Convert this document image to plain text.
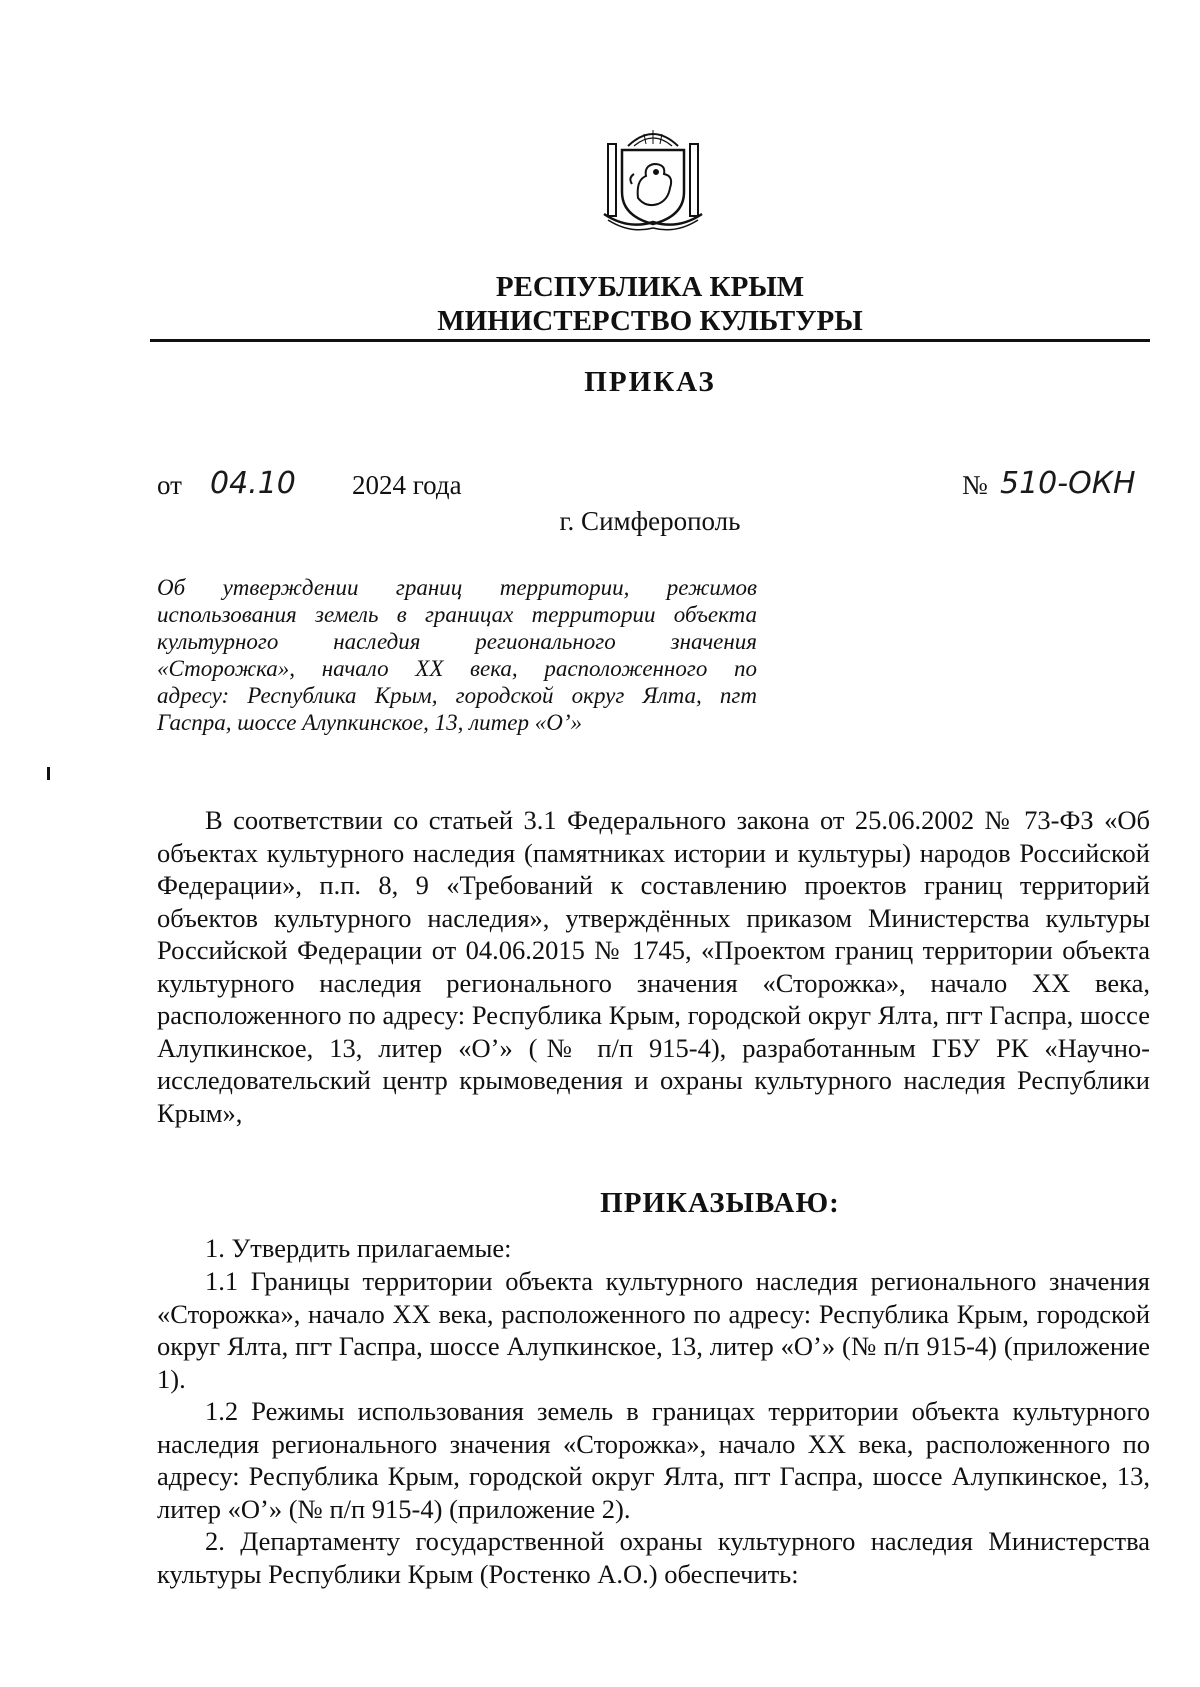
РЕСПУБЛИКА КРЫМ
МИНИСТЕРСТВО КУЛЬТУРЫ
ПРИКАЗ
от 04.10 2024 года	№ 510-ОКН
г. Симферополь
Об утверждении границ территории, режимов
использования земель в границах территории объекта
культурного наследия регионального значения
«Сторожка», начало XX века, расположенного по
адресу: Республика Крым, городской округ Ялта, пгт
Гаспра, шоссе Алупкинское, 13, литер «О’»

В соответствии со статьей 3.1 Федерального закона от 25.06.2002 № 73-ФЗ «Об объектах культурного наследия (памятниках истории и культуры) народов Российской Федерации», п.п. 8, 9 «Требований к составлению проектов границ территорий объектов культурного наследия», утверждённых приказом Министерства культуры Российской Федерации от 04.06.2015 № 1745, «Проектом границ территории объекта культурного наследия регионального значения «Сторожка», начало XX века, расположенного по адресу: Республика Крым, городской округ Ялта, пгт Гаспра, шоссе Алупкинское, 13, литер «О’» (№ п/п 915-4), разработанным ГБУ РК «Научно-исследовательский центр крымоведения и охраны культурного наследия Республики Крым»,

ПРИКАЗЫВАЮ:

1. Утвердить прилагаемые:

1.1 Границы территории объекта культурного наследия регионального значения «Сторожка», начало XX века, расположенного по адресу: Республика Крым, городской округ Ялта, пгт Гаспра, шоссе Алупкинское, 13, литер «О’» (№ п/п 915-4) (приложение 1).

1.2 Режимы использования земель в границах территории объекта культурного наследия регионального значения «Сторожка», начало XX века, расположенного по адресу: Республика Крым, городской округ Ялта, пгт Гаспра, шоссе Алупкинское, 13, литер «О’» (№ п/п 915-4) (приложение 2).

2. Департаменту государственной охраны культурного наследия Министерства культуры Республики Крым (Ростенко А.О.) обеспечить:
